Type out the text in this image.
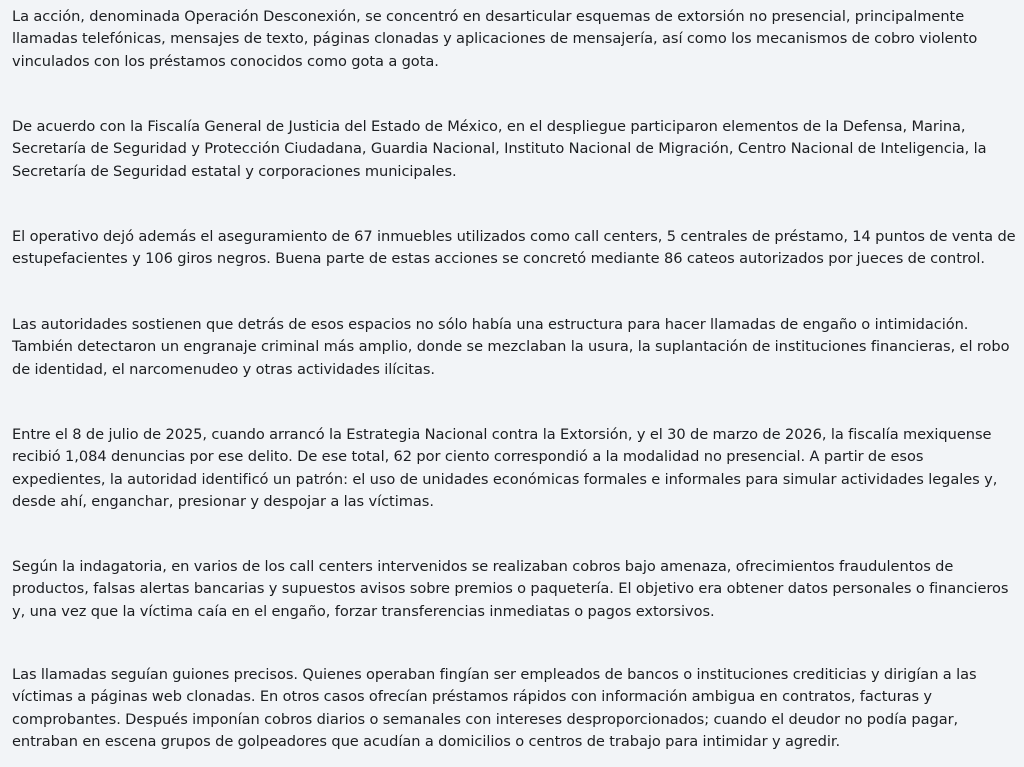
La acción, denominada Operación Desconexión, se concentró en desarticular esquemas de extorsión no presencial, principalmente llamadas telefónicas, mensajes de texto, páginas clonadas y aplicaciones de mensajería, así como los mecanismos de cobro violento vinculados con los préstamos conocidos como gota a gota.

De acuerdo con la Fiscalía General de Justicia del Estado de México, en el despliegue participaron elementos de la Defensa, Marina, Secretaría de Seguridad y Protección Ciudadana, Guardia Nacional, Instituto Nacional de Migración, Centro Nacional de Inteligencia, la Secretaría de Seguridad estatal y corporaciones municipales.

El operativo dejó además el aseguramiento de 67 inmuebles utilizados como call centers, 5 centrales de préstamo, 14 puntos de venta de estupefacientes y 106 giros negros. Buena parte de estas acciones se concretó mediante 86 cateos autorizados por jueces de control.

Las autoridades sostienen que detrás de esos espacios no sólo había una estructura para hacer llamadas de engaño o intimidación. También detectaron un engranaje criminal más amplio, donde se mezclaban la usura, la suplantación de instituciones financieras, el robo de identidad, el narcomenudeo y otras actividades ilícitas.

Entre el 8 de julio de 2025, cuando arrancó la Estrategia Nacional contra la Extorsión, y el 30 de marzo de 2026, la fiscalía mexiquense recibió 1,084 denuncias por ese delito. De ese total, 62 por ciento correspondió a la modalidad no presencial. A partir de esos expedientes, la autoridad identificó un patrón: el uso de unidades económicas formales e informales para simular actividades legales y, desde ahí, enganchar, presionar y despojar a las víctimas.

Según la indagatoria, en varios de los call centers intervenidos se realizaban cobros bajo amenaza, ofrecimientos fraudulentos de productos, falsas alertas bancarias y supuestos avisos sobre premios o paquetería. El objetivo era obtener datos personales o financieros y, una vez que la víctima caía en el engaño, forzar transferencias inmediatas o pagos extorsivos.

Las llamadas seguían guiones precisos. Quienes operaban fingían ser empleados de bancos o instituciones crediticias y dirigían a las víctimas a páginas web clonadas. En otros casos ofrecían préstamos rápidos con información ambigua en contratos, facturas y comprobantes. Después imponían cobros diarios o semanales con intereses desproporcionados; cuando el deudor no podía pagar, entraban en escena grupos de golpeadores que acudían a domicilios o centros de trabajo para intimidar y agredir.
